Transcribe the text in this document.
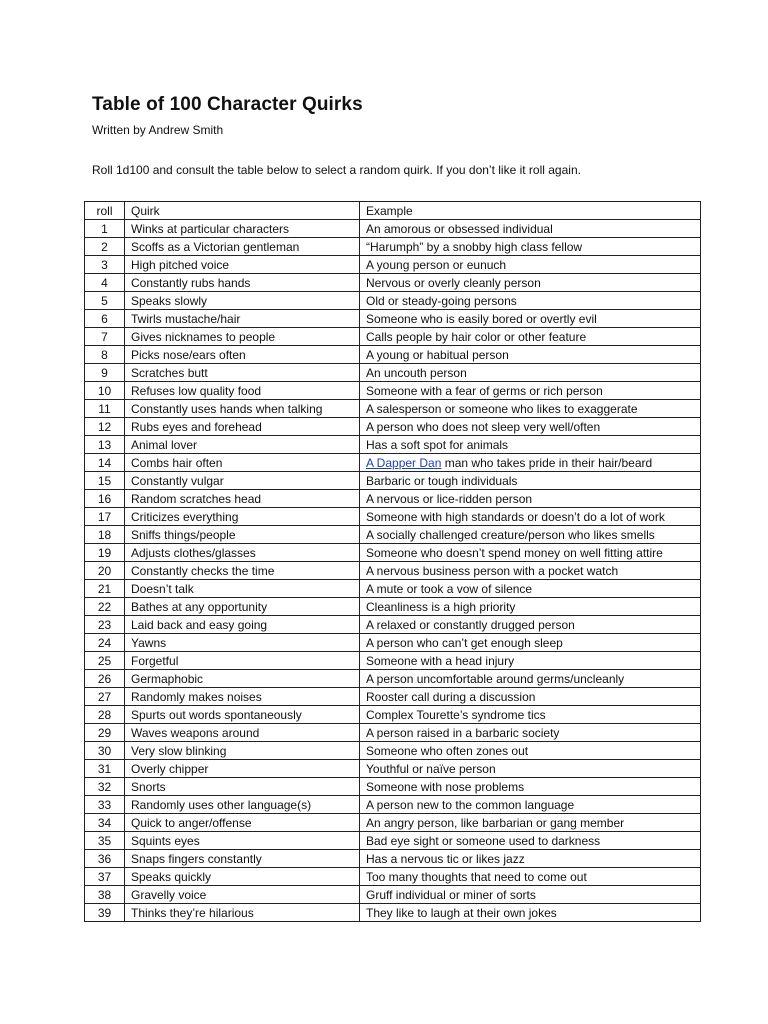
Table of 100 Character Quirks

Written by Andrew Smith

Roll 1d100 and consult the table below to select a random quirk. If you don’t like it roll again.

roll	Quirk	Example
1	Winks at particular characters	An amorous or obsessed individual
2	Scoffs as a Victorian gentleman	“Harumph” by a snobby high class fellow
3	High pitched voice	A young person or eunuch
4	Constantly rubs hands	Nervous or overly cleanly person
5	Speaks slowly	Old or steady-going persons
6	Twirls mustache/hair	Someone who is easily bored or overtly evil
7	Gives nicknames to people	Calls people by hair color or other feature
8	Picks nose/ears often	A young or habitual person
9	Scratches butt	An uncouth person
10	Refuses low quality food	Someone with a fear of germs or rich person
11	Constantly uses hands when talking	A salesperson or someone who likes to exaggerate
12	Rubs eyes and forehead	A person who does not sleep very well/often
13	Animal lover	Has a soft spot for animals
14	Combs hair often	A Dapper Dan man who takes pride in their hair/beard
15	Constantly vulgar	Barbaric or tough individuals
16	Random scratches head	A nervous or lice-ridden person
17	Criticizes everything	Someone with high standards or doesn’t do a lot of work
18	Sniffs things/people	A socially challenged creature/person who likes smells
19	Adjusts clothes/glasses	Someone who doesn’t spend money on well fitting attire
20	Constantly checks the time	A nervous business person with a pocket watch
21	Doesn’t talk	A mute or took a vow of silence
22	Bathes at any opportunity	Cleanliness is a high priority
23	Laid back and easy going	A relaxed or constantly drugged person
24	Yawns	A person who can’t get enough sleep
25	Forgetful	Someone with a head injury
26	Germaphobic	A person uncomfortable around germs/uncleanly
27	Randomly makes noises	Rooster call during a discussion
28	Spurts out words spontaneously	Complex Tourette’s syndrome tics
29	Waves weapons around	A person raised in a barbaric society
30	Very slow blinking	Someone who often zones out
31	Overly chipper	Youthful or naïve person
32	Snorts	Someone with nose problems
33	Randomly uses other language(s)	A person new to the common language
34	Quick to anger/offense	An angry person, like barbarian or gang member
35	Squints eyes	Bad eye sight or someone used to darkness
36	Snaps fingers constantly	Has a nervous tic or likes jazz
37	Speaks quickly	Too many thoughts that need to come out
38	Gravelly voice	Gruff individual or miner of sorts
39	Thinks they’re hilarious	They like to laugh at their own jokes
